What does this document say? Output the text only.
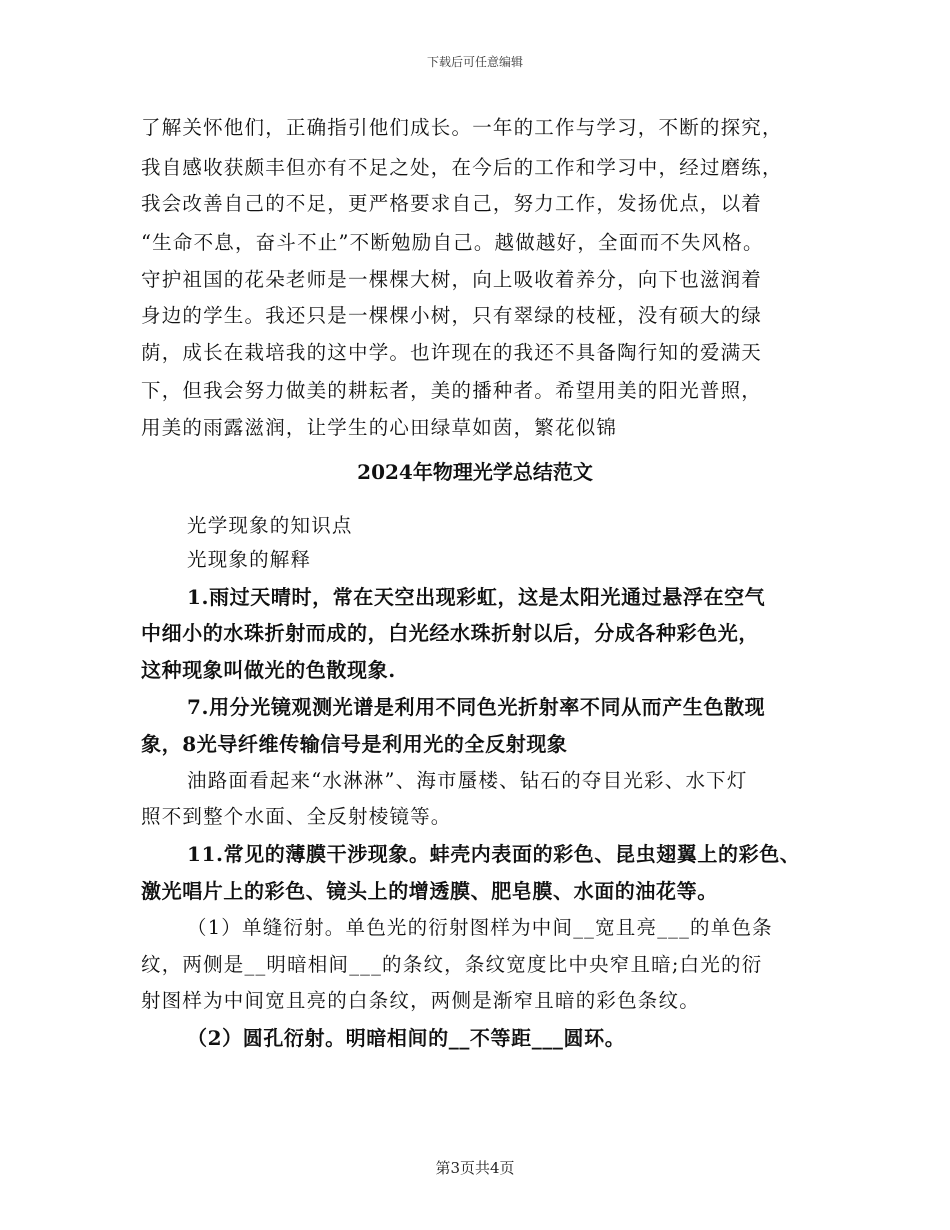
下载后可任意编辑
了解关怀他们，正确指引他们成长。一年的工作与学习，不断的探究，
我自感收获颇丰但亦有不足之处，在今后的工作和学习中，经过磨练，
我会改善自己的不足，更严格要求自己，努力工作，发扬优点，以着
“生命不息，奋斗不止”不断勉励自己。越做越好，全面而不失风格。
守护祖国的花朵老师是一棵棵大树，向上吸收着养分，向下也滋润着
身边的学生。我还只是一棵棵小树，只有翠绿的枝桠，没有硕大的绿
荫，成长在栽培我的这中学。也许现在的我还不具备陶行知的爱满天
下，但我会努力做美的耕耘者，美的播种者。希望用美的阳光普照，
用美的雨露滋润，让学生的心田绿草如茵，繁花似锦
2024年物理光学总结范文
光学现象的知识点
光现象的解释
1.雨过天晴时，常在天空出现彩虹，这是太阳光通过悬浮在空气
中细小的水珠折射而成的，白光经水珠折射以后，分成各种彩色光，
这种现象叫做光的色散现象.
7.用分光镜观测光谱是利用不同色光折射率不同从而产生色散现
象，8光导纤维传输信号是利用光的全反射现象
油路面看起来“水淋淋”、海市蜃楼、钻石的夺目光彩、水下灯
照不到整个水面、全反射棱镜等。
11.常见的薄膜干涉现象。蚌壳内表面的彩色、昆虫翅翼上的彩色、
激光唱片上的彩色、镜头上的增透膜、肥皂膜、水面的油花等。
（1）单缝衍射。单色光的衍射图样为中间__宽且亮___的单色条
纹，两侧是__明暗相间___的条纹，条纹宽度比中央窄且暗;白光的衍
射图样为中间宽且亮的白条纹，两侧是渐窄且暗的彩色条纹。
（2）圆孔衍射。明暗相间的__不等距___圆环。
第3页共4页
